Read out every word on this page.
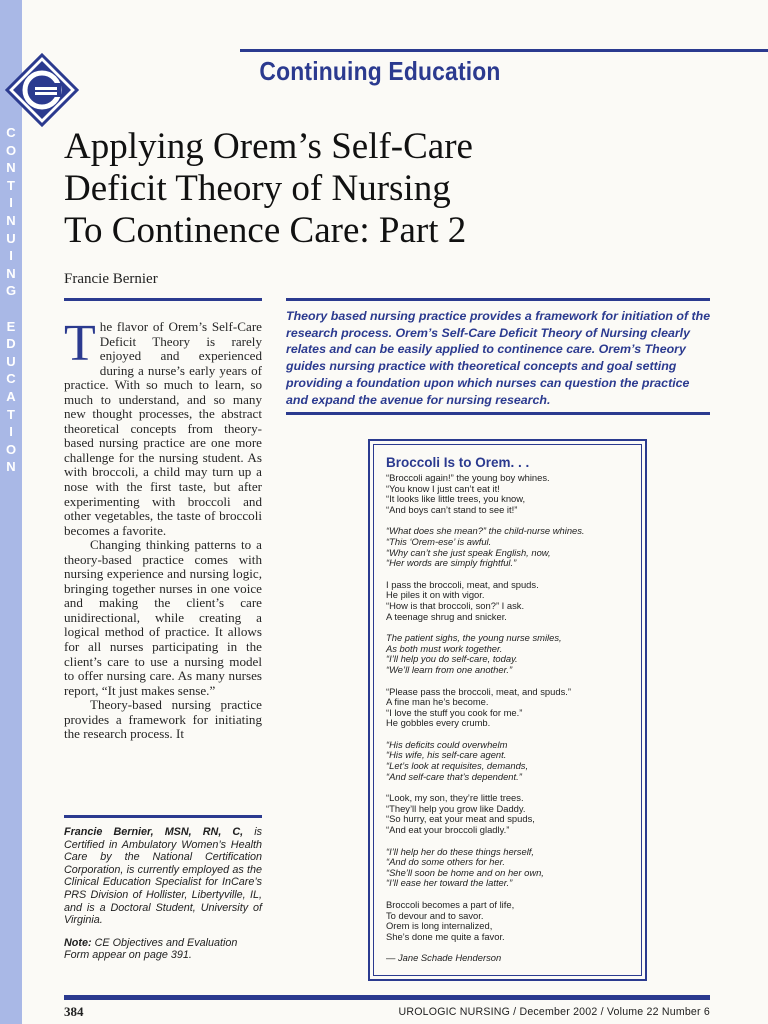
C
O
N
T
I
N
U
I
N
G
E
D
U
C
A
T
I
O
N
Continuing Education
Applying Orem’s Self-Care
Deficit Theory of Nursing
To Continence Care: Part 2
Francie Bernier

The flavor of Orem’s Self-Care Deficit Theory is rarely enjoyed and experienced during a nurse’s early years of practice. With so much to learn, so much to understand, and so many new thought processes, the abstract theoretical concepts from theory-based nursing practice are one more challenge for the nursing student. As with broccoli, a child may turn up a nose with the first taste, but after experimenting with broccoli and other vegetables, the taste of broccoli becomes a favorite.

Changing thinking patterns to a theory-based practice comes with nursing experience and nursing logic, bringing together nurses in one voice and making the client’s care unidirectional, while creating a logical method of practice. It allows for all nurses participating in the client’s care to use a nursing model to offer nursing care. As many nurses report, “It just makes sense.”

Theory-based nursing practice provides a framework for initiating the research process. It

Theory based nursing practice provides a framework for initiation of the research process. Orem’s Self-Care Deficit Theory of Nursing clearly relates and can be easily applied to continence care. Orem’s Theory guides nursing practice with theoretical concepts and goal setting providing a foundation upon which nurses can question the practice and expand the avenue for nursing research.
Francie Bernier, MSN, RN, C, is Certified in Ambulatory Women’s Health Care by the National Certification Corporation, is currently employed as the Clinical Education Specialist for InCare’s PRS Division of Hollister, Libertyville, IL, and is a Doctoral Student, University of Virginia.
Note: CE Objectives and Evaluation Form appear on page 391.
Broccoli Is to Orem. . .
“Broccoli again!” the young boy whines.
“You know I just can’t eat it!
“It looks like little trees, you know,
“And boys can’t stand to see it!”
“What does she mean?” the child-nurse whines.
“This ‘Orem-ese’ is awful.
“Why can’t she just speak English, now,
“Her words are simply frightful.”
I pass the broccoli, meat, and spuds.
He piles it on with vigor.
“How is that broccoli, son?” I ask.
A teenage shrug and snicker.
The patient sighs, the young nurse smiles,
As both must work together.
“I’ll help you do self-care, today.
“We’ll learn from one another.”
“Please pass the broccoli, meat, and spuds.”
A fine man he’s become.
“I love the stuff you cook for me.”
He gobbles every crumb.
“His deficits could overwhelm
“His wife, his self-care agent.
“Let’s look at requisites, demands,
“And self-care that’s dependent.”
“Look, my son, they’re little trees.
“They’ll help you grow like Daddy.
“So hurry, eat your meat and spuds,
“And eat your broccoli gladly.”
“I’ll help her do these things herself,
“And do some others for her.
“She’ll soon be home and on her own,
“I’ll ease her toward the latter.”
Broccoli becomes a part of life,
To devour and to savor.
Orem is long internalized,
She’s done me quite a favor.
— Jane Schade Henderson
384	UROLOGIC NURSING / December 2002 / Volume 22 Number 6
